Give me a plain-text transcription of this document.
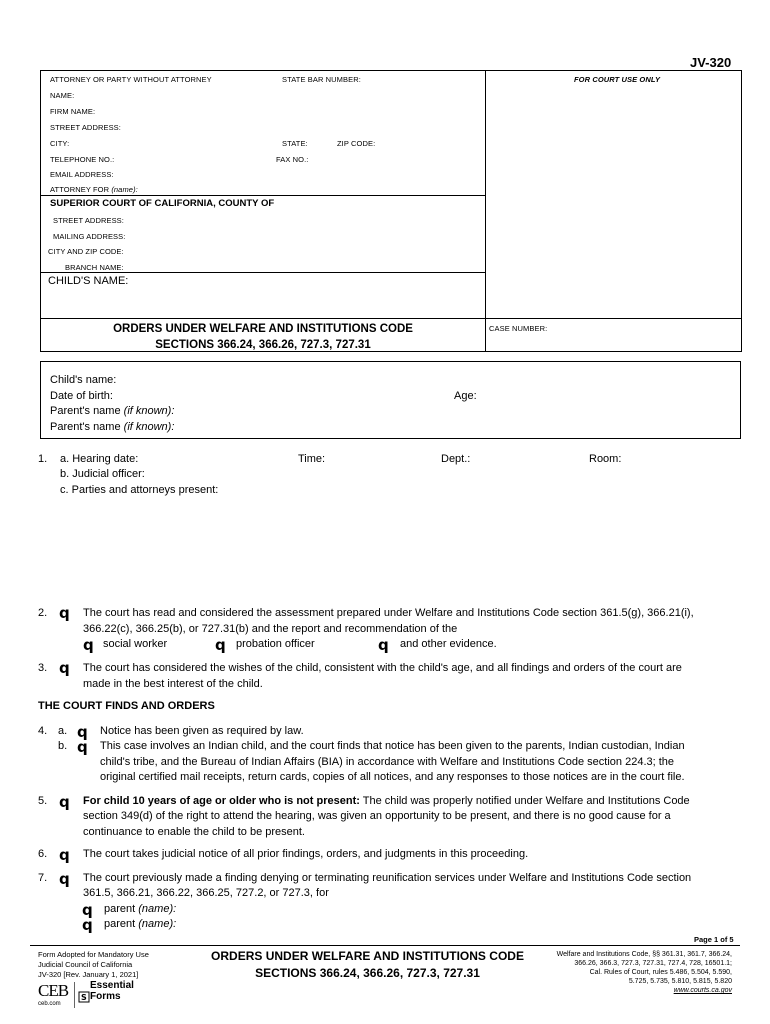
JV-320
ATTORNEY OR PARTY WITHOUT ATTORNEY	STATE BAR NUMBER:	FOR COURT USE ONLY
NAME:
FIRM NAME:
STREET ADDRESS:
CITY:	STATE:	ZIP CODE:
TELEPHONE NO.:	FAX NO.:
EMAIL ADDRESS:
ATTORNEY FOR (name):
SUPERIOR COURT OF CALIFORNIA, COUNTY OF
STREET ADDRESS:
MAILING ADDRESS:
CITY AND ZIP CODE:
BRANCH NAME:
CHILD'S NAME:
ORDERS UNDER WELFARE AND INSTITUTIONS CODE
SECTIONS 366.24, 366.26, 727.3, 727.31
CASE NUMBER:
Child's name:
Date of birth:	Age:
Parent's name (if known):
Parent's name (if known):
1. a. Hearing date:	Time:	Dept.:	Room:
b. Judicial officer:
c. Parties and attorneys present:
2. q The court has read and considered the assessment prepared under Welfare and Institutions Code section 361.5(g), 366.21(i),
366.22(c), 366.25(b), or 727.31(b) and the report and recommendation of the
q social worker	q probation officer	q and other evidence.
3. q The court has considered the wishes of the child, consistent with the child's age, and all findings and orders of the court are
made in the best interest of the child.
THE COURT FINDS AND ORDERS
4. a. q Notice has been given as required by law.
b. q This case involves an Indian child, and the court finds that notice has been given to the parents, Indian custodian, Indian
child's tribe, and the Bureau of Indian Affairs (BIA) in accordance with Welfare and Institutions Code section 224.3; the
original certified mail receipts, return cards, copies of all notices, and any responses to those notices are in the court file.
5. q For child 10 years of age or older who is not present: The child was properly notified under Welfare and Institutions Code
section 349(d) of the right to attend the hearing, was given an opportunity to be present, and there is no good cause for a
continuance to enable the child to be present.
6. q The court takes judicial notice of all prior findings, orders, and judgments in this proceeding.
7. q The court previously made a finding denying or terminating reunification services under Welfare and Institutions Code section
361.5, 366.21, 366.22, 366.25, 727.2, or 727.3, for
q parent (name):
q parent (name):
Page 1 of 5
Form Adopted for Mandatory Use
Judicial Council of California
JV-320 [Rev. January 1, 2021]
ORDERS UNDER WELFARE AND INSTITUTIONS CODE
SECTIONS 366.24, 366.26, 727.3, 727.31
Welfare and Institutions Code, §§ 361.31, 361.7, 366.24,
366.26, 366.3, 727.3, 727.31, 727.4, 728, 16501.1;
Cal. Rules of Court, rules 5.486, 5.504, 5.590,
5.725, 5.735, 5.810, 5.815, 5.820
www.courts.ca.gov
CEB
ceb.com
S
Essential
Forms
